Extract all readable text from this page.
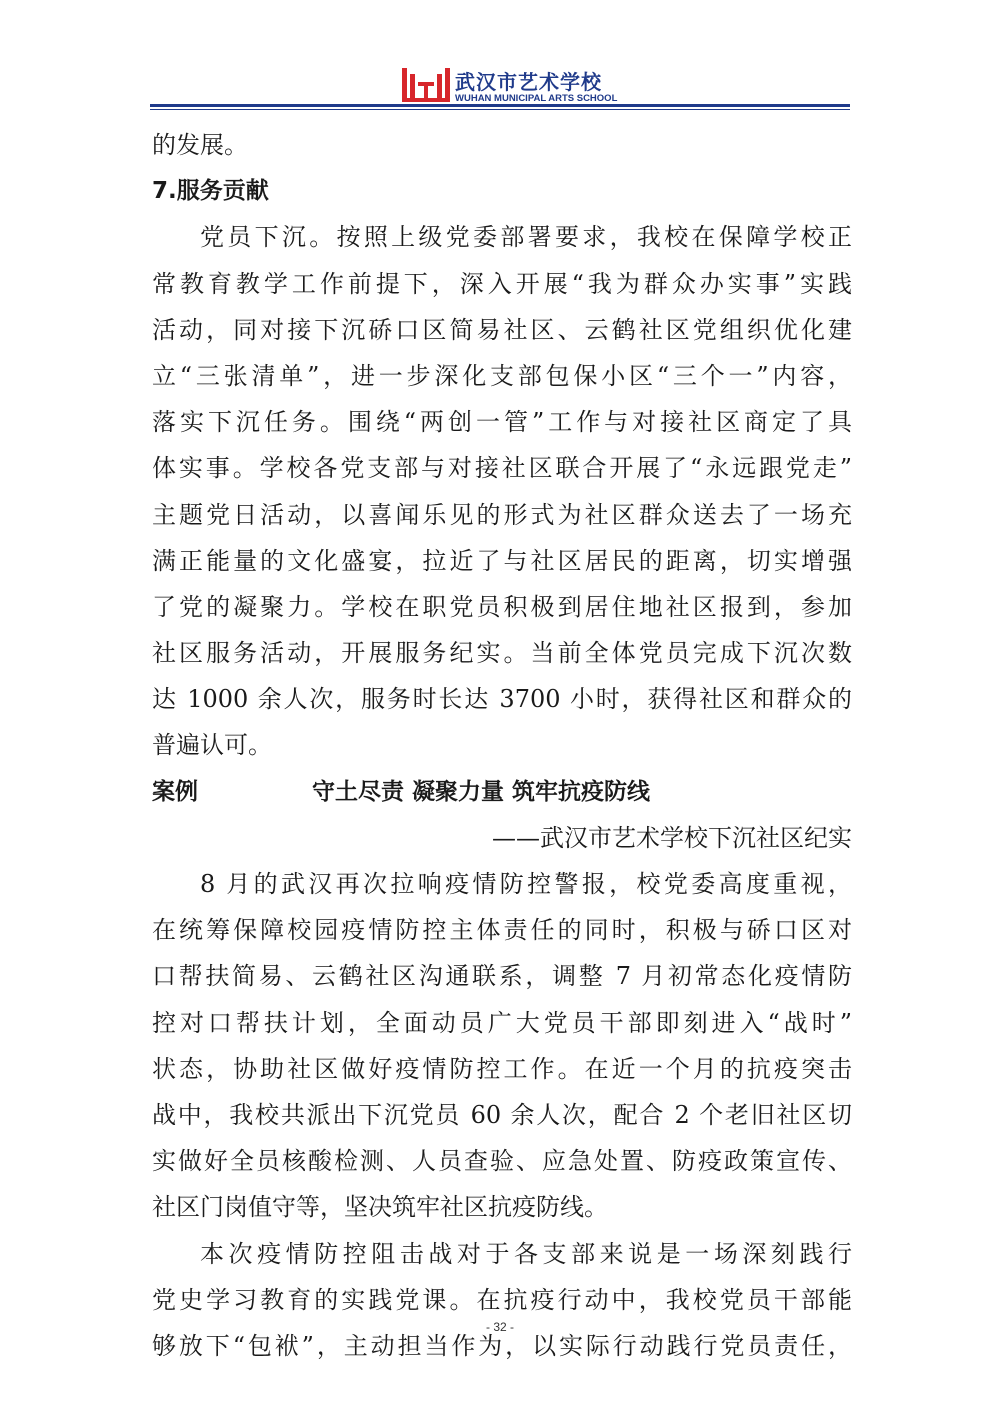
武汉市艺术学校
WUHAN MUNICIPAL ARTS SCHOOL
的发展。
7.服务贡献
党员下沉。按照上级党委部署要求，我校在保障学校正
常教育教学工作前提下，深入开展“我为群众办实事”实践
活动，同对接下沉硚口区简易社区、云鹤社区党组织优化建
立“三张清单”，进一步深化支部包保小区“三个一”内容，
落实下沉任务。围绕“两创一管”工作与对接社区商定了具
体实事。学校各党支部与对接社区联合开展了“永远跟党走”
主题党日活动，以喜闻乐见的形式为社区群众送去了一场充
满正能量的文化盛宴，拉近了与社区居民的距离，切实增强
了党的凝聚力。学校在职党员积极到居住地社区报到，参加
社区服务活动，开展服务纪实。当前全体党员完成下沉次数
达 1000 余人次，服务时长达 3700 小时，获得社区和群众的
普遍认可。
案例	守土尽责 凝聚力量 筑牢抗疫防线
——武汉市艺术学校下沉社区纪实
8 月的武汉再次拉响疫情防控警报，校党委高度重视，
在统筹保障校园疫情防控主体责任的同时，积极与硚口区对
口帮扶简易、云鹤社区沟通联系，调整 7 月初常态化疫情防
控对口帮扶计划，全面动员广大党员干部即刻进入“战时”
状态，协助社区做好疫情防控工作。在近一个月的抗疫突击
战中，我校共派出下沉党员 60 余人次，配合 2 个老旧社区切
实做好全员核酸检测、人员查验、应急处置、防疫政策宣传、
社区门岗值守等，坚决筑牢社区抗疫防线。
本次疫情防控阻击战对于各支部来说是一场深刻践行
党史学习教育的实践党课。在抗疫行动中，我校党员干部能
够放下“包袱”，主动担当作为，以实际行动践行党员责任，
- 32 -
